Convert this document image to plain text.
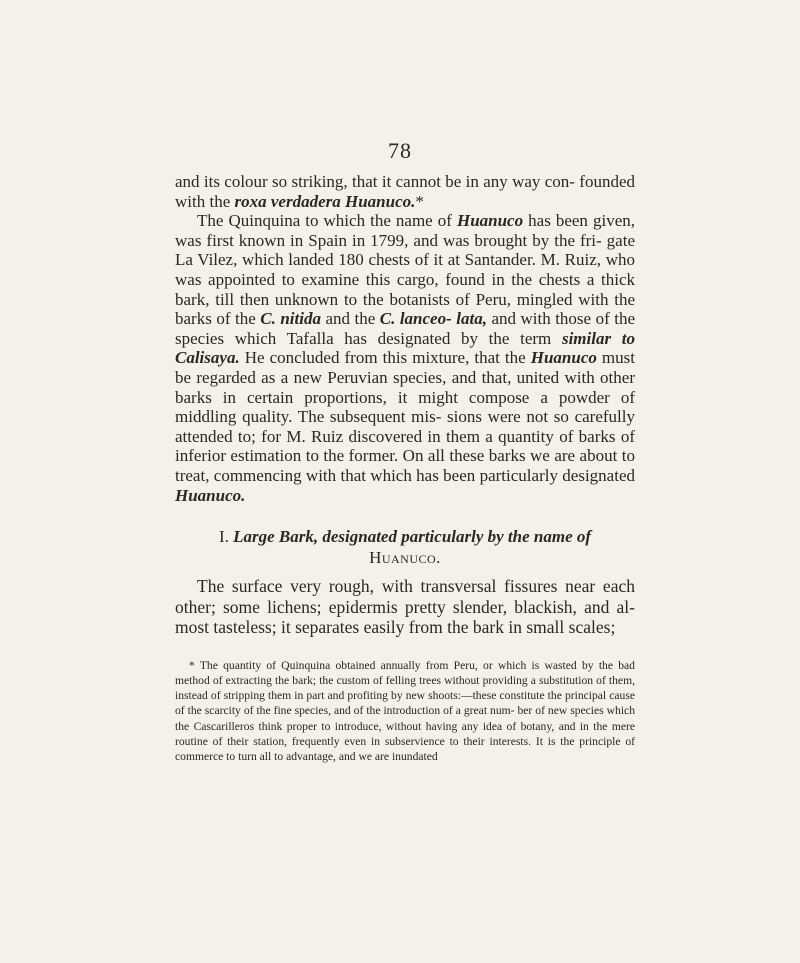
78

and its colour so striking, that it cannot be in any way con- founded with the roxa verdadera Huanuco.*

The Quinquina to which the name of Huanuco has been given, was first known in Spain in 1799, and was brought by the fri- gate La Vilez, which landed 180 chests of it at Santander. M. Ruiz, who was appointed to examine this cargo, found in the chests a thick bark, till then unknown to the botanists of Peru, mingled with the barks of the C. nitida and the C. lanceo- lata, and with those of the species which Tafalla has designated by the term similar to Calisaya. He concluded from this mixture, that the Huanuco must be regarded as a new Peruvian species, and that, united with other barks in certain proportions, it might compose a powder of middling quality. The subsequent mis- sions were not so carefully attended to; for M. Ruiz discovered in them a quantity of barks of inferior estimation to the former. On all these barks we are about to treat, commencing with that which has been particularly designated Huanuco.

I. Large Bark, designated particularly by the name of
Huanuco.

The surface very rough, with transversal fissures near each other; some lichens; epidermis pretty slender, blackish, and al- most tasteless; it separates easily from the bark in small scales;

* The quantity of Quinquina obtained annually from Peru, or which is wasted by the bad method of extracting the bark; the custom of felling trees without providing a substitution of them, instead of stripping them in part and profiting by new shoots:—these constitute the principal cause of the scarcity of the fine species, and of the introduction of a great num- ber of new species which the Cascarilleros think proper to introduce, without having any idea of botany, and in the mere routine of their station, frequently even in subservience to their interests. It is the principle of commerce to turn all to advantage, and we are inundated
